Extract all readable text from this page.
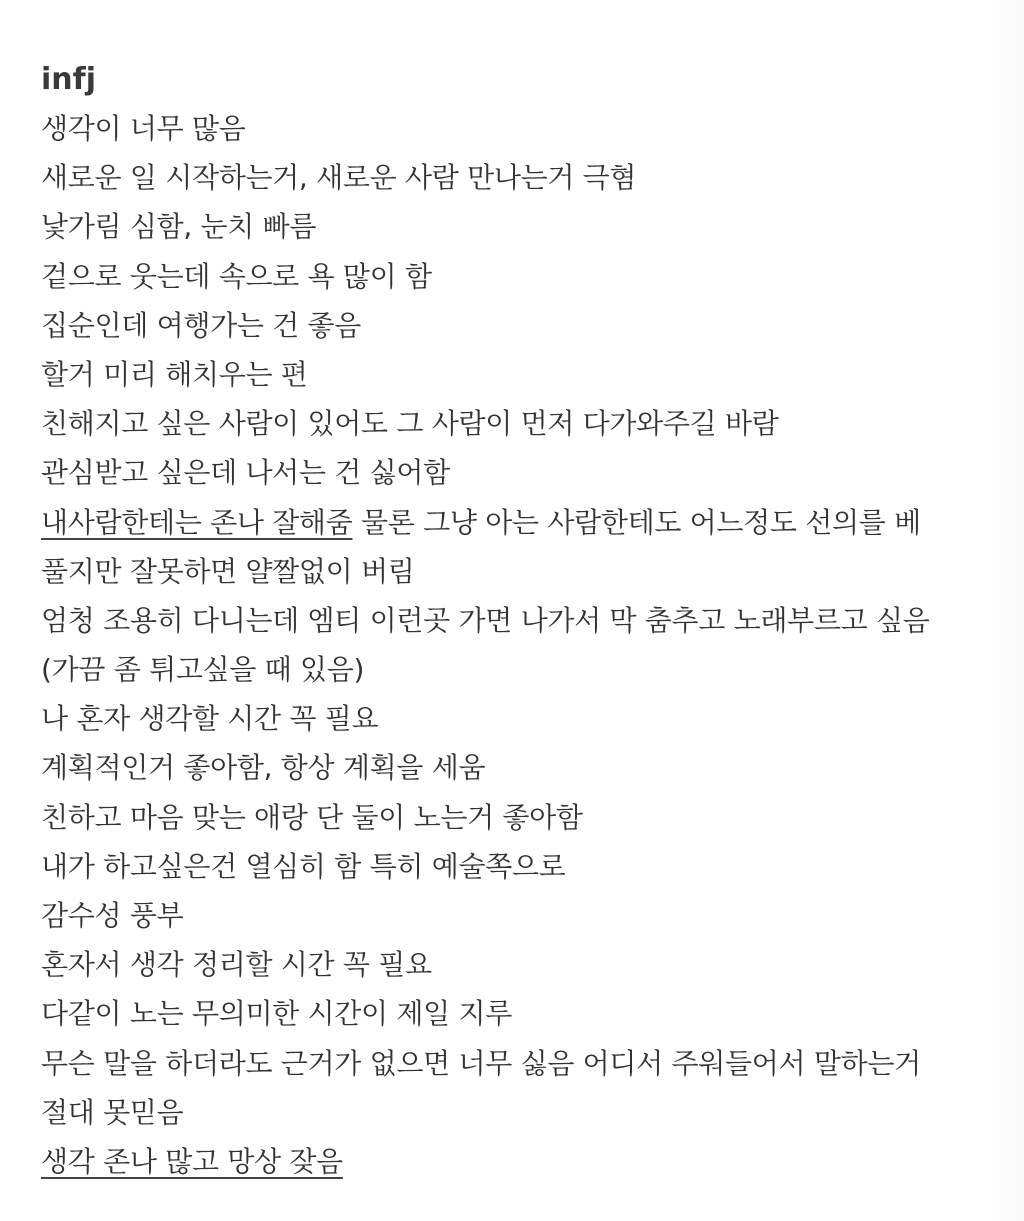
infj
생각이 너무 많음
새로운 일 시작하는거, 새로운 사람 만나는거 극혐
낯가림 심함, 눈치 빠름
겉으로 웃는데 속으로 욕 많이 함
집순인데 여행가는 건 좋음
할거 미리 해치우는 편
친해지고 싶은 사람이 있어도 그 사람이 먼저 다가와주길 바람
관심받고 싶은데 나서는 건 싫어함
내사람한테는 존나 잘해줌 물론 그냥 아는 사람한테도 어느정도 선의를 베
풀지만 잘못하면 얄짤없이 버림
엄청 조용히 다니는데 엠티 이런곳 가면 나가서 막 춤추고 노래부르고 싶음
(가끔 좀 튀고싶을 때 있음)
나 혼자 생각할 시간 꼭 필요
계획적인거 좋아함, 항상 계획을 세움
친하고 마음 맞는 애랑 단 둘이 노는거 좋아함
내가 하고싶은건 열심히 함 특히 예술쪽으로
감수성 풍부
혼자서 생각 정리할 시간 꼭 필요
다같이 노는 무의미한 시간이 제일 지루
무슨 말을 하더라도 근거가 없으면 너무 싫음 어디서 주워들어서 말하는거
절대 못믿음
생각 존나 많고 망상 잦음
